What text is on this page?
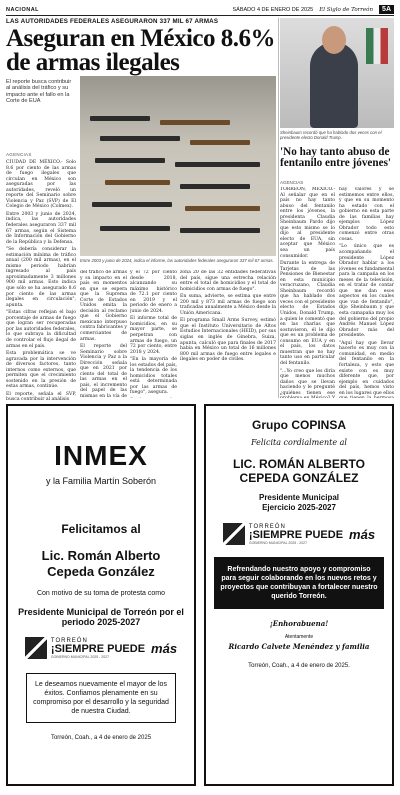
NACIONAL	SÁBADO 4 DE ENERO DE 2025 El Siglo de Torreón	5A
LAS AUTORIDADES FEDERALES ASEGURARON 337 MIL 67 ARMAS
Aseguran en México 8.6% de armas ilegales
El reporte busca contribuir al análisis del tráfico y su impacto ante el fallo en la Corte de EUA
AGENCIAS
Entre 2003 y junio de 2024, indica el informe, las autoridades federales aseguraron 337 mil 67 armas.

CIUDAD DE MÉXICO.- Solo 8.6 por ciento de las armas de fuego ilegales que circulan en México son aseguradas por las autoridades, reveló un reporte del Seminario sobre Violencia y Paz (SVP) de El Colegio de México (Colmex).

Entre 2003 y junio de 2024, indica, las autoridades federales aseguraron 337 mil 67 armas, según el Sistema de Información del Gobierno de la República y la Defensa.

"Se debería considerar la estimación mínima de tráfico anual (200 mil armas), en el mismo periodo habrían ingresado al país aproximadamente 3 millones 900 mil armas. Esto indica que sólo se ha asegurado 8.6 por ciento de las armas ilegales en circulación", apunta.

"Estas cifras reflejan el bajo porcentaje de armas de fuego que logran ser recuperadas por las autoridades federales, lo que subraya la dificultad de controlar el flujo ilegal de armas en el país.

Esta problemática se ve agravada por la intervención de diversos factores, tanto internos como externos, que permiten que el crecimiento sostenido en la presión de estas armas, continúe.

El reporte, señala el SVP, busca contribuir al análisis

del tráfico de armas y su impacto en el país en momentos en que se espera que la Suprema Corte de Estados Unidos emita la decisión al reclamo que el Gobierno mexicano interpuso contra fabricantes y comerciantes de armas.

El reporte del Seminario sobre Violencia y Paz a la Dirección señala que en 2021 por ciento del total de las armas en el país, el incremento del papel de las mismas en la vía de

y el 72 por ciento desde 2018, alcanzando su máximo histórico de 72.1 por ciento en 2019 y el periodo de enero a junio de 2024.

El informe total de homicidios, en su mayor parte, se perpetran con armas de fuego, un 72 por ciento, entre 2018 y 2024.

"En la mayoría de los estados del país, la tendencia de los homicidios totales está determinada por las armas de fuego", asegura.

zona 20 de las 32 entidades federativas del país, sigue una estrecha relación entre el total de homicidios y el total de homicidios con armas de fuego".

En suma, advierte, se estima que entre 200 mil y 873 mil armas de fuego son traficadas anualmente a México desde la Unión Americana.

El programa Small Arms Survey, estimó que el Instituto Universitario de Altos Estudios Internacionales (HEID), por sus siglas en inglés de Ginebra, Suiza, apunta, calculó que para finales de 2017 había en México un total de 16 millones 800 mil armas de fuego entre legales e ilegales en poder de civiles.

Sheinbaum recordó que ha hablado dos veces con el presidente electo Donald Trump.
'No hay tanto abuso de fentanilo entre jóvenes'
AGENCIAS

TORREÓN, MÉXICO.- Al señalar que en el país no hay tanto abuso del fentanilo entre los jóvenes, la presidenta Claudia Sheinbaum Pardo dijo que esto mismo se lo dijo al presidente electo de EUA, sin aceptar que México sea un país consumidor.

Durante la entrega de Tarjetas de las Pensiones de Bienestar en esta municipio veracruzano, Claudia Sheinbaum recordó que ha hablado dos veces con el presidente electo de Estados Unidos, Donald Trump, a quien le comentó que en las charlas que sostuvieron, él le dijo que es un problema de consumo en EUA y en el país, los datos muestran que no hay tanto uso en particular del fentanilo.

"...Yo creo que les diría que menos muchos daños que se llevan haciendo y le pregunté ¿quiénes tienen ese

hay valores y se estimemos entre ellos, y que en su momento ha estado con el gobierno en esta parte de las familias hay ejemplos López Obrador todo esto comenzó entre otras cosas.

"Lo único que es acompañando el presidente López Obrador hablar a los jóvenes es fundamental para la campaña en los meses de la televisión, en el tratar de contar que me dan esos aspectos en los cuales que van de fentanilo", dijo Sheinbaum y que esta camapaña muy los del gobierno del propio Andrés Manuel López Obrador más del presidente.

"Aquí hay que llevar hacerlo es muy con la comunidad, en medio del fentanilo en la fortaleza, y esto que existe con es muy diferente que, por ejemplo en cuidados del país, hemos visto en los lugares que ellos

INMEX
y la Familia Martín Soberón
Felicitamos al
Lic. Román Alberto
Cepeda González
Con motivo de su toma de protesta como
Presidente Municipal de Torreón por el periodo 2025-2027
TORREÓN
¡SIEMPRE PUEDE
GOBIERNO MUNICIPAL 2025 - 2027
más
Le deseamos nuevamente el mayor de los éxitos. Confiamos plenamente en su compromiso por el desarrollo y la seguridad de nuestra Ciudad.
Torreón, Coah., a 4 de enero de 2025
Grupo COPINSA
Felicita cordialmente al
LIC. ROMÁN ALBERTO
CEPEDA GONZÁLEZ
Presidente Municipal
Ejercicio 2025-2027
TORREÓN
¡SIEMPRE PUEDE
GOBIERNO MUNICIPAL 2025 - 2027
más
Refrendando nuestro apoyo y compromiso para seguir colaborando en los nuevos retos y proyectos que contribuyan a fortalecer nuestro querido Torreón.
¡Enhorabuena!
Atentamente
Ricardo Calvete Menéndez y familia
Torreón, Coah., a 4 de enero de 2025.
